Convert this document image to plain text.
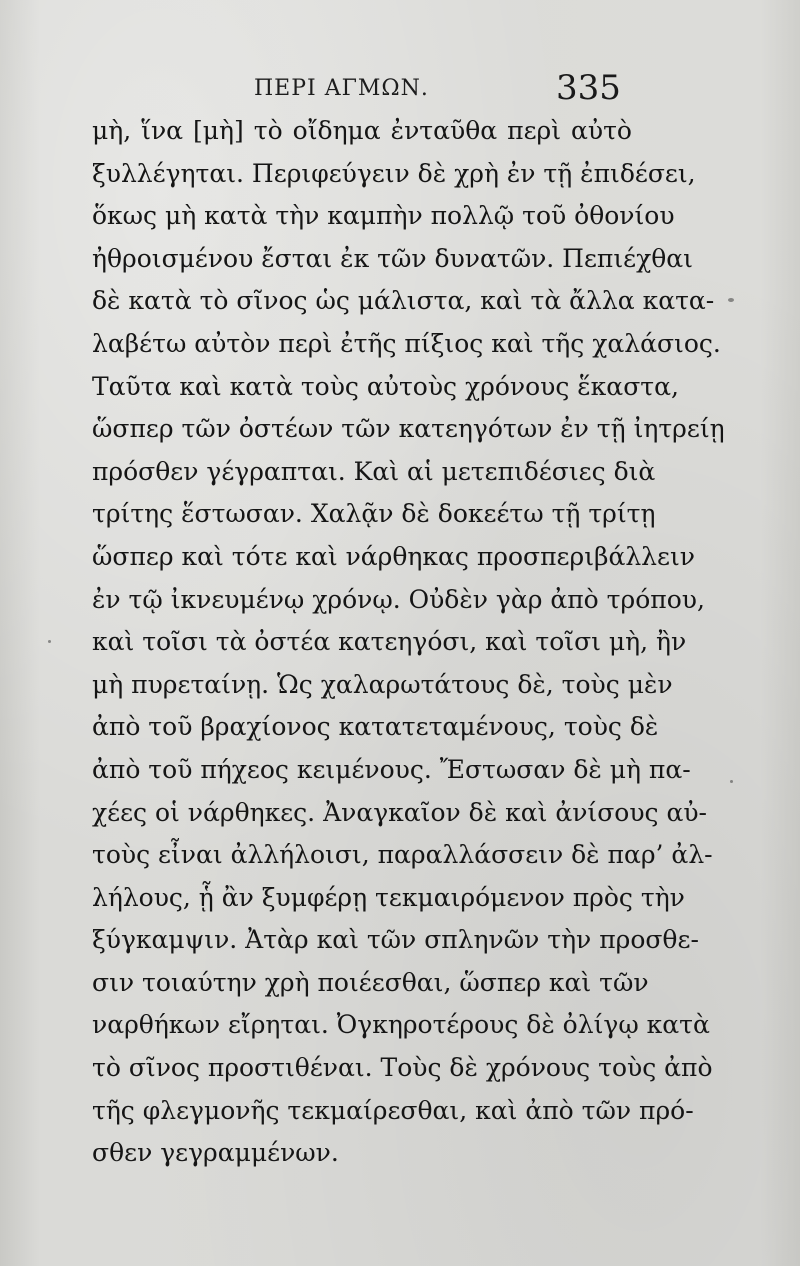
ΠΕΡΙ ΑΓΜΩΝ.	335
μὴ, ἵνα [μὴ] τὸ οἴδημα ἐνταῦθα περὶ αὐτὸ
ξυλλέγηται. Περιφεύγειν δὲ χρὴ ἐν τῇ ἐπιδέσει,
ὅκως μὴ κατὰ τὴν καμπὴν πολλῷ τοῦ ὀθονίου
ἠθροισμένου ἔσται ἐκ τῶν δυνατῶν. Πεπιέχθαι
δὲ κατὰ τὸ σῖνος ὡς μάλιστα, καὶ τὰ ἄλλα κατα-
λαβέτω αὐτὸν περὶ ἐτῆς πίξιος καὶ τῆς χαλάσιος.
Ταῦτα καὶ κατὰ τοὺς αὐτοὺς χρόνους ἕκαστα,
ὥσπερ τῶν ὀστέων τῶν κατεηγότων ἐν τῇ ἰητρείῃ
πρόσθεν γέγραπται. Καὶ αἱ μετεπιδέσιες διὰ
τρίτης ἕστωσαν. Χαλᾷν δὲ δοκεέτω τῇ τρίτῃ
ὥσπερ καὶ τότε καὶ νάρθηκας προσπεριβάλλειν
ἐν τῷ ἰκνευμένῳ χρόνῳ. Οὐδὲν γὰρ ἀπὸ τρόπου,
καὶ τοῖσι τὰ ὀστέα κατεηγόσι, καὶ τοῖσι μὴ, ἢν
μὴ πυρεταίνῃ. Ὡς χαλαρωτάτους δὲ, τοὺς μὲν
ἀπὸ τοῦ βραχίονος κατατεταμένους, τοὺς δὲ
ἀπὸ τοῦ πήχεος κειμένους. Ἔστωσαν δὲ μὴ πα-
χέες οἱ νάρθηκες. Ἀναγκαῖον δὲ καὶ ἀνίσους αὐ-
τοὺς εἶναι ἀλλήλοισι, παραλλάσσειν δὲ παρ’ ἀλ-
λήλους, ᾗ ἂν ξυμφέρῃ τεκμαιρόμενον πρὸς τὴν
ξύγκαμψιν. Ἀτὰρ καὶ τῶν σπληνῶν τὴν προσθε-
σιν τοιαύτην χρὴ ποιέεσθαι, ὥσπερ καὶ τῶν
ναρθήκων εἴρηται. Ὀγκηροτέρους δὲ ὀλίγῳ κατὰ
τὸ σῖνος προστιθέναι. Τοὺς δὲ χρόνους τοὺς ἀπὸ
τῆς φλεγμονῆς τεκμαίρεσθαι, καὶ ἀπὸ τῶν πρό-
σθεν γεγραμμένων.
